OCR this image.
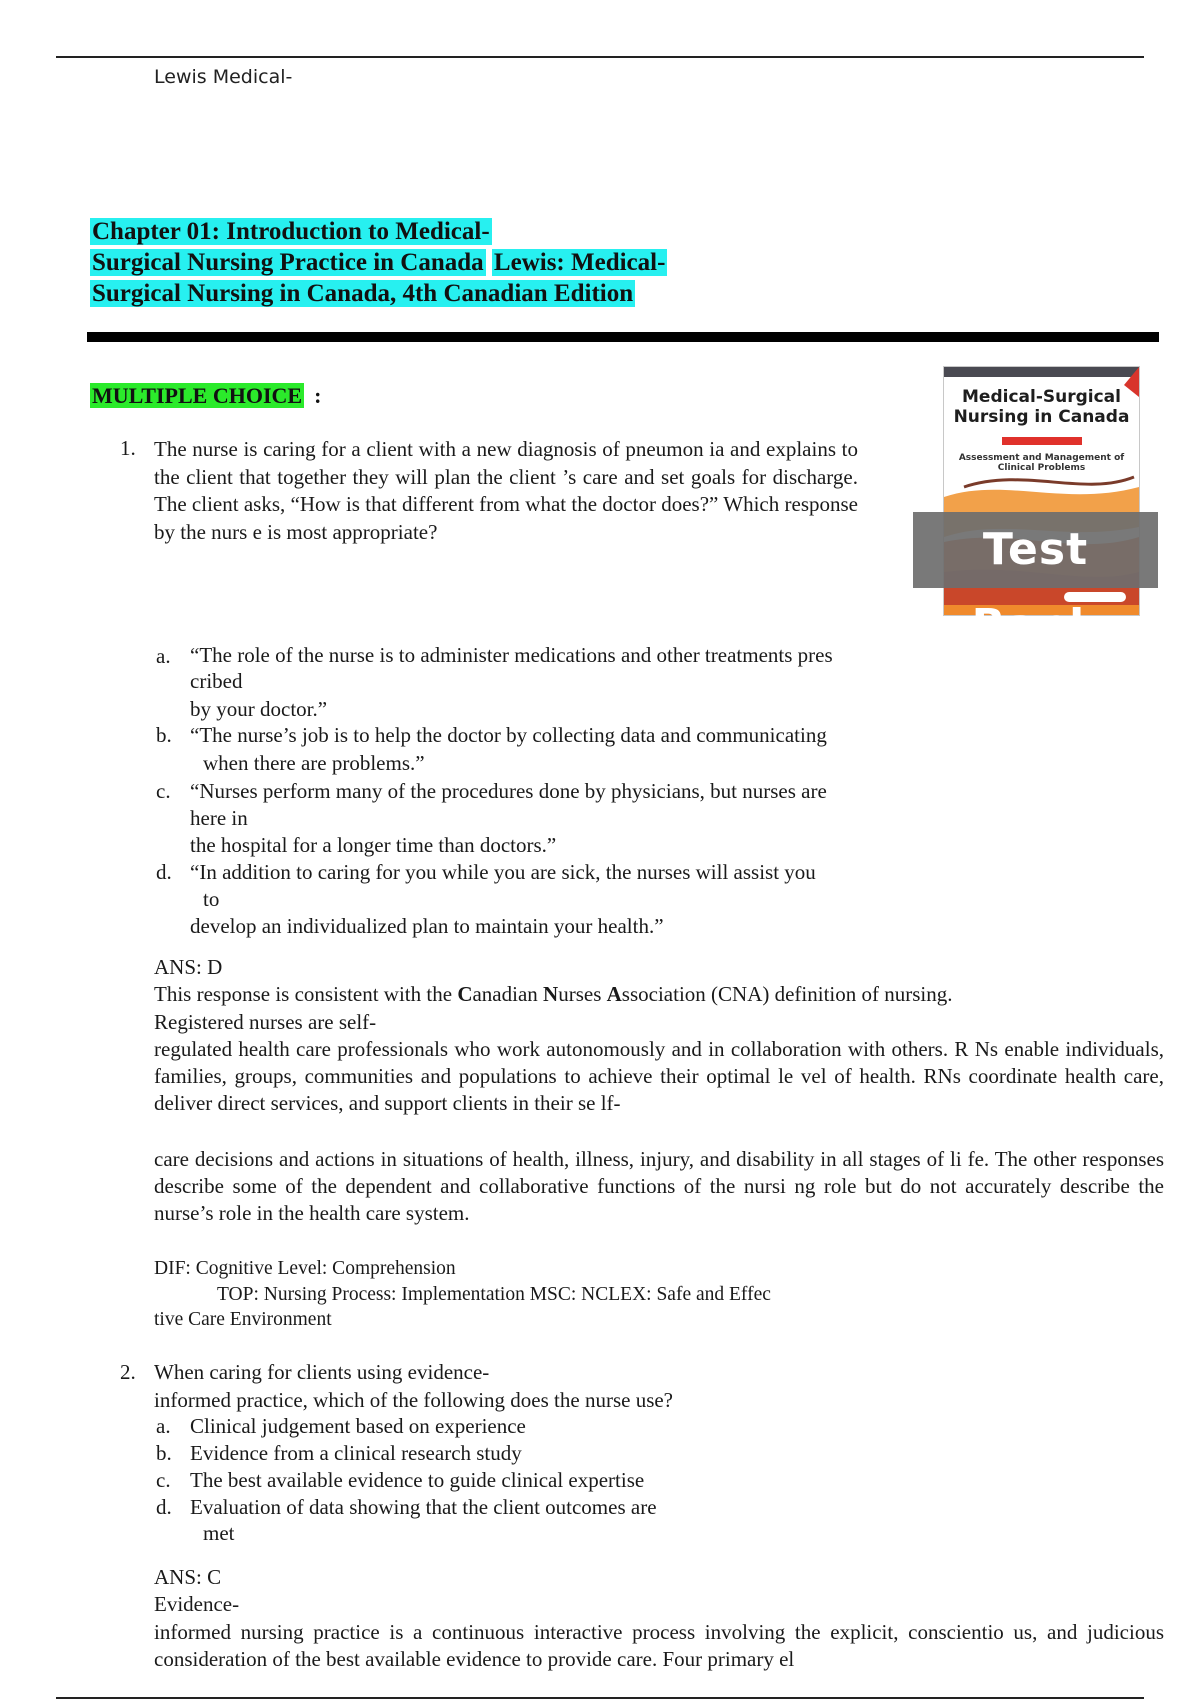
Lewis Medical-
Chapter 01: Introduction to Medical-
Surgical Nursing Practice in Canada Lewis: Medical-
Surgical Nursing in Canada, 4th Canadian Edition
MULTIPLE CHOICE :	Medical-Surgical Nursing in Canada
Assessment and Management of Clinical Problems
Test Bank
1. The nurse is caring for a client with a new diagnosis of pneumon ia and explains to the client that together they will plan the client ’s care and set goals for discharge. The client asks, “How is that different from what the doctor does?” Which response by the nurs e is most appropriate?
a. “The role of the nurse is to administer medications and other treatments pres
cribed
by your doctor.”
b. “The nurse’s job is to help the doctor by collecting data and communicating
when there are problems.”
c. “Nurses perform many of the procedures done by physicians, but nurses are
here in
the hospital for a longer time than doctors.”
d. “In addition to caring for you while you are sick, the nurses will assist you
to
develop an individualized plan to maintain your health.”
ANS: D
This response is consistent with the Canadian Nurses Association (CNA) definition of nursing.
Registered nurses are self-
regulated health care professionals who work autonomously and in collaboration with others. R Ns enable individuals, families, groups, communities and populations to achieve their optimal le vel of health. RNs coordinate health care, deliver direct services, and support clients in their se lf-
care decisions and actions in situations of health, illness, injury, and disability in all stages of li fe. The other responses describe some of the dependent and collaborative functions of the nursi ng role but do not accurately describe the nurse’s role in the health care system.
DIF: Cognitive Level: Comprehension
TOP: Nursing Process: Implementation MSC: NCLEX: Safe and Effec
tive Care Environment
2. When caring for clients using evidence-
informed practice, which of the following does the nurse use?
a. Clinical judgement based on experience
b. Evidence from a clinical research study
c. The best available evidence to guide clinical expertise
d. Evaluation of data showing that the client outcomes are
met
ANS: C
Evidence-
informed nursing practice is a continuous interactive process involving the explicit, conscientio us, and judicious consideration of the best available evidence to provide care. Four primary el
